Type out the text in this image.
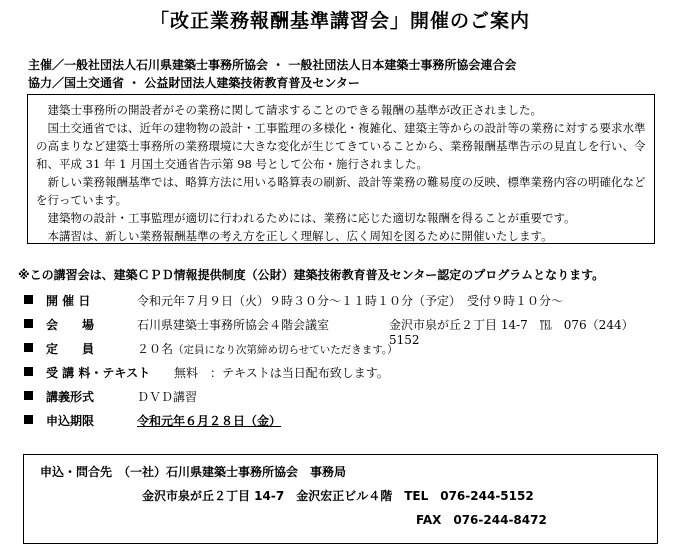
「改正業務報酬基準講習会」開催のご案内
主催／一般社団法人石川県建築士事務所協会 ・ 一般社団法人日本建築士事務所協会連合会
協力／国土交通省 ・ 公益財団法人建築技術教育普及センター

建築士事務所の開設者がその業務に関して請求することのできる報酬の基準が改正されました。

国土交通省では、近年の建物物の設計・工事監理の多様化・複雑化、建築主等からの設計等の業務に対する要求水準の高まりなど建築士事務所の業務環境に大きな変化が生じてきていることから、業務報酬基準告示の見直しを行い、令和、平成 31 年 1 月国土交通省告示第 98 号として公布・施行されました。

新しい業務報酬基準では、略算方法に用いる略算表の刷新、設計等業務の難易度の反映、標準業務内容の明確化などを行っています。

建築物の設計・工事監理が適切に行われるためには、業務に応じた適切な報酬を得ることが重要です。

本講習は、新しい業務報酬基準の考え方を正しく理解し、広く周知を図るために開催いたします。

※この講習会は、建築ＣＰＤ情報提供制度（公財）建築技術教育普及センター認定のプログラムとなります。
開 催 日	令和元年７月９日（火）９時３０分～１１時１０分（予定）　受付９時１０分～
会　　場	石川県建築士事務所協会４階会議室	金沢市泉が丘２丁目 14-7　℡　076（244）5152
定　　員	２０名（定員になり次第締め切らせていただきます。）
受 講 料・テキスト 無料　：テキストは当日配布致します。
講義形式	ＤＶＤ講習
申込期限	令和元年６月２８日（金）
申込・問合先　（一社）石川県建築士事務所協会　事務局
金沢市泉が丘２丁目 14-7　金沢宏正ビル４階　TEL　076-244-5152
FAX　076-244-8472
